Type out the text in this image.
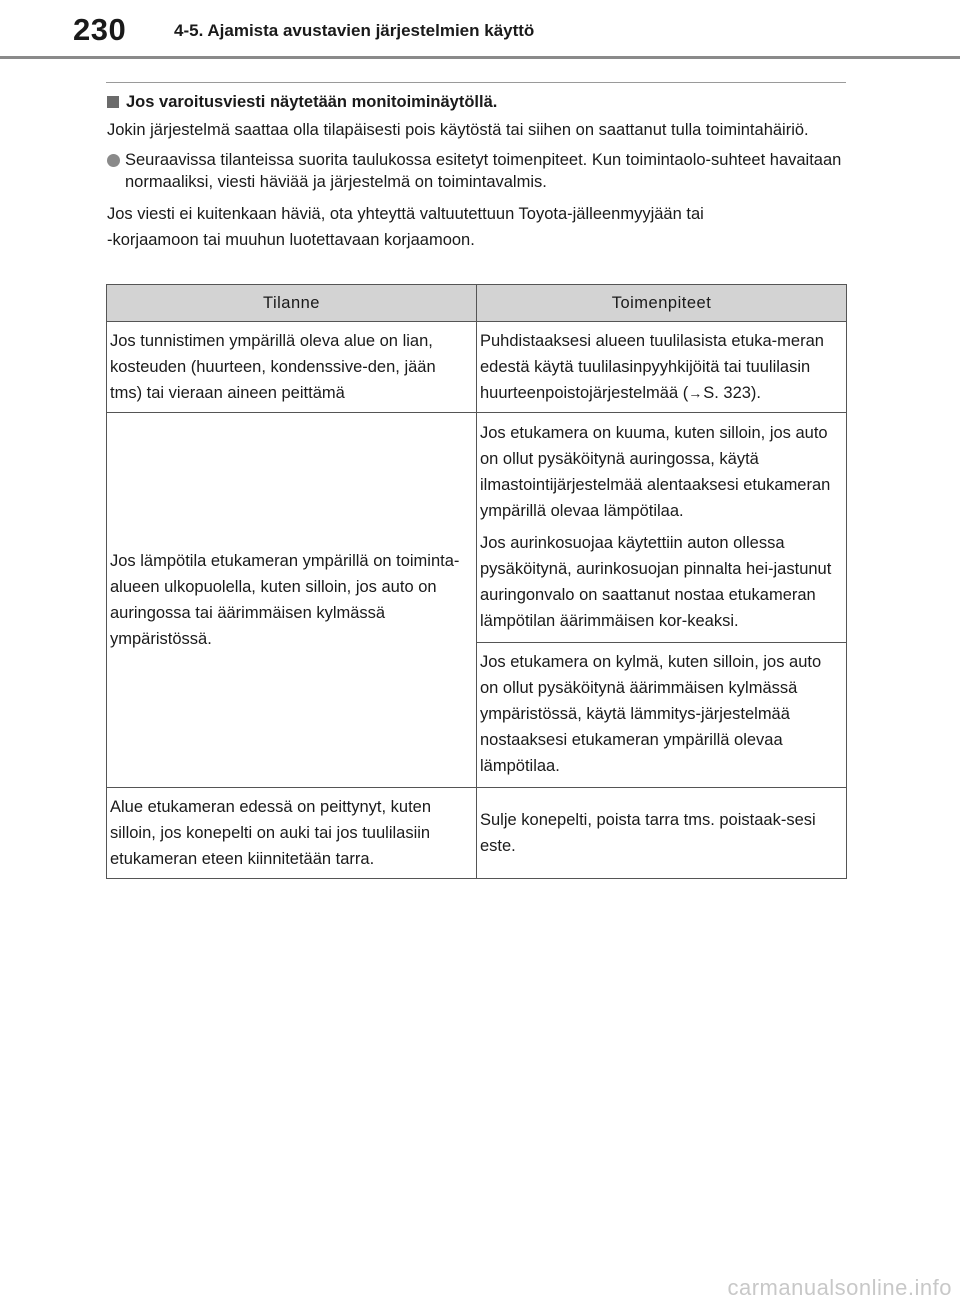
230	4-5. Ajamista avustavien järjestelmien käyttö
Jos varoitusviesti näytetään monitoiminäytöllä.

Jokin järjestelmä saattaa olla tilapäisesti pois käytöstä tai siihen on saattanut tulla toimintahäiriö.

Seuraavissa tilanteissa suorita taulukossa esitetyt toimenpiteet. Kun toimintaolo-suhteet havaitaan normaaliksi, viesti häviää ja järjestelmä on toimintavalmis.

Jos viesti ei kuitenkaan häviä, ota yhteyttä valtuutettuun Toyota-jälleenmyyjään tai

-korjaamoon tai muuhun luotettavaan korjaamoon.

Tilanne	Toimenpiteet
Jos tunnistimen ympärillä oleva alue on lian, kosteuden (huurteen, kondenssive-den, jään tms) tai vieraan aineen peittämä	Puhdistaaksesi alueen tuulilasista etuka-meran edestä käytä tuulilasinpyyhkijöitä tai tuulilasin huurteenpoistojärjestelmää (→S. 323).
Jos lämpötila etukameran ympärillä on toiminta-alueen ulkopuolella, kuten silloin, jos auto on auringossa tai äärimmäisen kylmässä ympäristössä.	Jos etukamera on kuuma, kuten silloin, jos auto on ollut pysäköitynä auringossa, käytä ilmastointijärjestelmää alentaaksesi etukameran ympärillä olevaa lämpötilaa.

Jos aurinkosuojaa käytettiin auton ollessa pysäköitynä, aurinkosuojan pinnalta hei-jastunut auringonvalo on saattanut nostaa etukameran lämpötilan äärimmäisen kor-keaksi.

	Jos etukamera on kylmä, kuten silloin, jos auto on ollut pysäköitynä äärimmäisen kylmässä ympäristössä, käytä lämmitys-järjestelmää nostaaksesi etukameran ympärillä olevaa lämpötilaa.
Alue etukameran edessä on peittynyt, kuten silloin, jos konepelti on auki tai jos tuulilasiin etukameran eteen kiinnitetään tarra.	Sulje konepelti, poista tarra tms. poistaak-sesi este.
carmanualsonline.info
